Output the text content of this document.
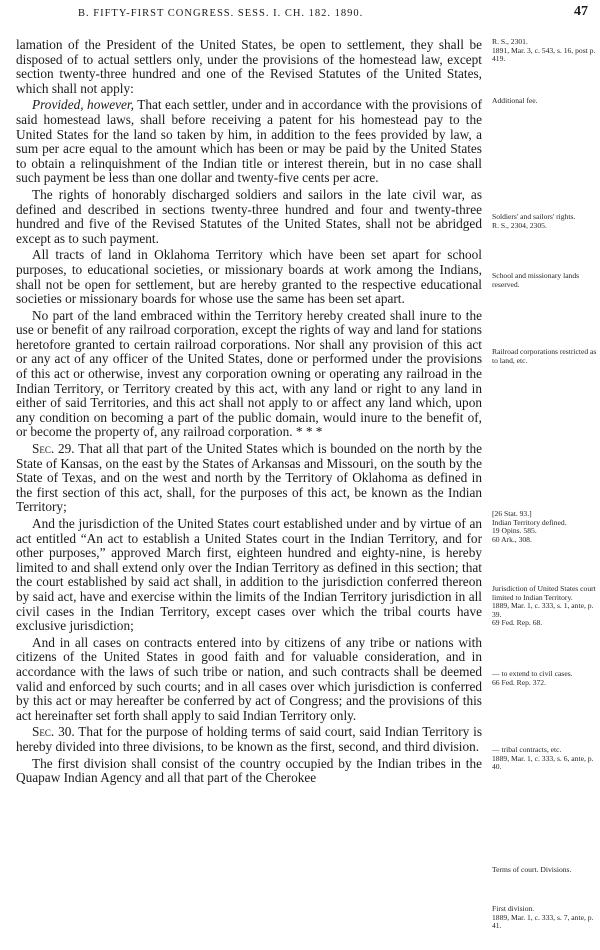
B. FIFTY-FIRST CONGRESS. SESS. I. CH. 182. 1890.	47

lamation of the President of the United States, be open to settlement, they shall be disposed of to actual settlers only, under the provisions of the homestead law, except section twenty-three hundred and one of the Revised Statutes of the United States, which shall not apply:

Provided, however, That each settler, under and in accordance with the provisions of said homestead laws, shall before receiving a patent for his homestead pay to the United States for the land so taken by him, in addition to the fees provided by law, a sum per acre equal to the amount which has been or may be paid by the United States to obtain a relinquishment of the Indian title or interest therein, but in no case shall such payment be less than one dollar and twenty-five cents per acre.

The rights of honorably discharged soldiers and sailors in the late civil war, as defined and described in sections twenty-three hundred and four and twenty-three hundred and five of the Revised Statutes of the United States, shall not be abridged except as to such payment.

All tracts of land in Oklahoma Territory which have been set apart for school purposes, to educational societies, or missionary boards at work among the Indians, shall not be open for settlement, but are hereby granted to the respective educational societies or missionary boards for whose use the same has been set apart.

No part of the land embraced within the Territory hereby created shall inure to the use or benefit of any railroad corporation, except the rights of way and land for stations heretofore granted to certain railroad corporations. Nor shall any provision of this act or any act of any officer of the United States, done or performed under the provisions of this act or otherwise, invest any corporation owning or operating any railroad in the Indian Territory, or Territory created by this act, with any land or right to any land in either of said Territories, and this act shall not apply to or affect any land which, upon any condition on becoming a part of the public domain, would inure to the benefit of, or become the property of, any railroad corporation. * * *

Sec. 29. That all that part of the United States which is bounded on the north by the State of Kansas, on the east by the States of Arkansas and Missouri, on the south by the State of Texas, and on the west and north by the Territory of Oklahoma as defined in the first section of this act, shall, for the purposes of this act, be known as the Indian Territory;

And the jurisdiction of the United States court established under and by virtue of an act entitled “An act to establish a United States court in the Indian Territory, and for other purposes,” approved March first, eighteen hundred and eighty-nine, is hereby limited to and shall extend only over the Indian Territory as defined in this section; that the court established by said act shall, in addition to the jurisdiction conferred thereon by said act, have and exercise within the limits of the Indian Territory jurisdiction in all civil cases in the Indian Territory, except cases over which the tribal courts have exclusive jurisdiction;

And in all cases on contracts entered into by citizens of any tribe or nations with citizens of the United States in good faith and for valuable consideration, and in accordance with the laws of such tribe or nation, and such contracts shall be deemed valid and enforced by such courts; and in all cases over which jurisdiction is conferred by this act or may hereafter be conferred by act of Congress; and the provisions of this act hereinafter set forth shall apply to said Indian Territory only.

Sec. 30. That for the purpose of holding terms of said court, said Indian Territory is hereby divided into three divisions, to be known as the first, second, and third division.

The first division shall consist of the country occupied by the Indian tribes in the Quapaw Indian Agency and all that part of the Cherokee

R. S., 2301.
1891, Mar. 3, c. 543, s. 16, post p. 419.
Additional fee.
Soldiers' and sailors' rights.
R. S., 2304, 2305.
School and missionary lands reserved.
Railroad corporations restricted as to land, etc.
[26 Stat. 93.]
Indian Territory defined.
19 Opins. 585.
60 Ark., 308.
Jurisdiction of United States court limited to Indian Territory.
1889, Mar. 1, c. 333, s. 1, ante, p. 39.
69 Fed. Rep. 68.
— to extend to civil cases.
66 Fed. Rep. 372.
— tribal contracts, etc.
1889, Mar. 1, c. 333, s. 6, ante, p. 40.
Terms of court. Divisions.
First division.
1889, Mar. 1, c. 333, s. 7, ante, p. 41.
